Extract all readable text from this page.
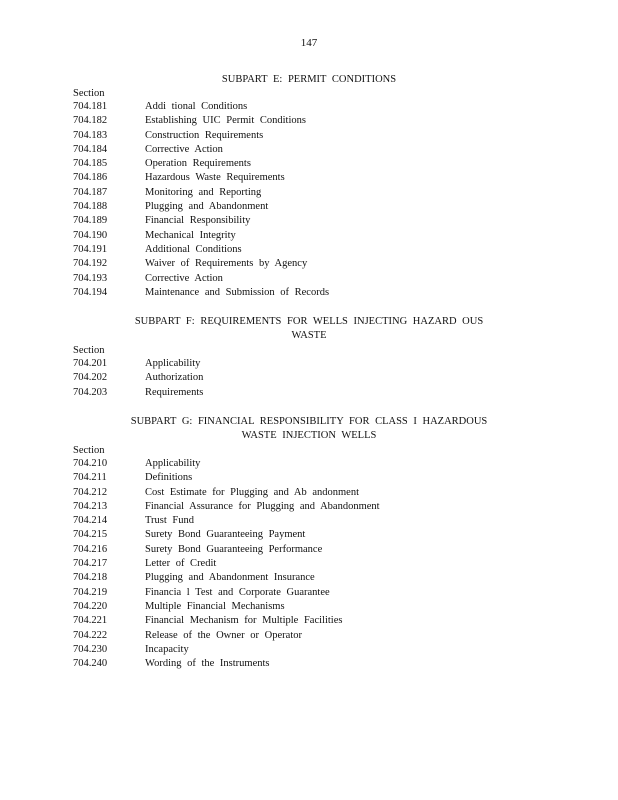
147
SUBPART E: PERMIT CONDITIONS
Section
704.181	Addi tional Conditions
704.182	Establishing UIC Permit Conditions
704.183	Construction Requirements
704.184	Corrective Action
704.185	Operation Requirements
704.186	Hazardous Waste Requirements
704.187	Monitoring and Reporting
704.188	Plugging and Abandonment
704.189	Financial Responsibility
704.190	Mechanical Integrity
704.191	Additional Conditions
704.192	Waiver of Requirements by Agency
704.193	Corrective Action
704.194	Maintenance and Submission of Records
SUBPART F: REQUIREMENTS FOR WELLS INJECTING HAZARD OUS
WASTE
Section
704.201	Applicability
704.202	Authorization
704.203	Requirements
SUBPART G: FINANCIAL RESPONSIBILITY FOR CLASS I HAZARDOUS
WASTE INJECTION WELLS
Section
704.210	Applicability
704.211	Definitions
704.212	Cost Estimate for Plugging and Ab andonment
704.213	Financial Assurance for Plugging and Abandonment
704.214	Trust Fund
704.215	Surety Bond Guaranteeing Payment
704.216	Surety Bond Guaranteeing Performance
704.217	Letter of Credit
704.218	Plugging and Abandonment Insurance
704.219	Financia l Test and Corporate Guarantee
704.220	Multiple Financial Mechanisms
704.221	Financial Mechanism for Multiple Facilities
704.222	Release of the Owner or Operator
704.230	Incapacity
704.240	Wording of the Instruments
